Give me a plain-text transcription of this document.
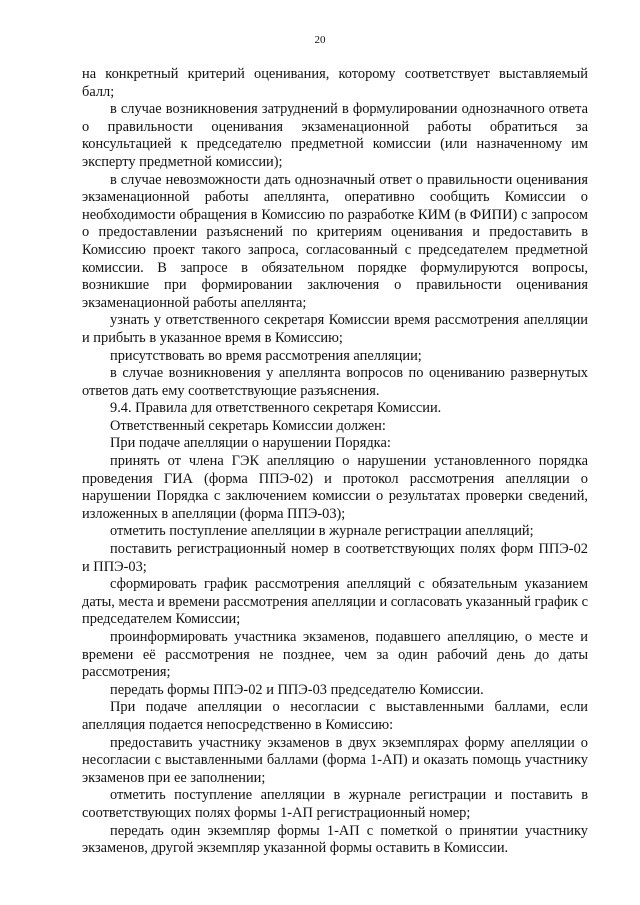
20

на конкретный критерий оценивания, которому соответствует выставляемый балл;

в случае возникновения затруднений в формулировании однозначного ответа о правильности оценивания экзаменационной работы обратиться за консультацией к председателю предметной комиссии (или назначенному им эксперту предметной комиссии);

в случае невозможности дать однозначный ответ о правильности оценивания экзаменационной работы апеллянта, оперативно сообщить Комиссии о необходимости обращения в Комиссию по разработке КИМ (в ФИПИ) с запросом о предоставлении разъяснений по критериям оценивания и предоставить в Комиссию проект такого запроса, согласованный с председателем предметной комиссии. В запросе в обязательном порядке формулируются вопросы, возникшие при формировании заключения о правильности оценивания экзаменационной работы апеллянта;

узнать у ответственного секретаря Комиссии время рассмотрения апелляции и прибыть в указанное время в Комиссию;

присутствовать во время рассмотрения апелляции;

в случае возникновения у апеллянта вопросов по оцениванию развернутых ответов дать ему соответствующие разъяснения.

9.4. Правила для ответственного секретаря Комиссии.

Ответственный секретарь Комиссии должен:

При подаче апелляции о нарушении Порядка:

принять от члена ГЭК апелляцию о нарушении установленного порядка проведения ГИА (форма ППЭ-02) и протокол рассмотрения апелляции о нарушении Порядка с заключением комиссии о результатах проверки сведений, изложенных в апелляции (форма ППЭ-03);

отметить поступление апелляции в журнале регистрации апелляций;

поставить регистрационный номер в соответствующих полях форм ППЭ-02 и ППЭ-03;

сформировать график рассмотрения апелляций с обязательным указанием даты, места и времени рассмотрения апелляции и согласовать указанный график с председателем Комиссии;

проинформировать участника экзаменов, подавшего апелляцию, о месте и времени её рассмотрения не позднее, чем за один рабочий день до даты рассмотрения;

передать формы ППЭ-02 и ППЭ-03 председателю Комиссии.

При подаче апелляции о несогласии с выставленными баллами, если апелляция подается непосредственно в Комиссию:

предоставить участнику экзаменов в двух экземплярах форму апелляции о несогласии с выставленными баллами (форма 1-АП) и оказать помощь участнику экзаменов при ее заполнении;

отметить поступление апелляции в журнале регистрации и поставить в соответствующих полях формы 1-АП регистрационный номер;

передать один экземпляр формы 1-АП с пометкой о принятии участнику экзаменов, другой экземпляр указанной формы оставить в Комиссии.
